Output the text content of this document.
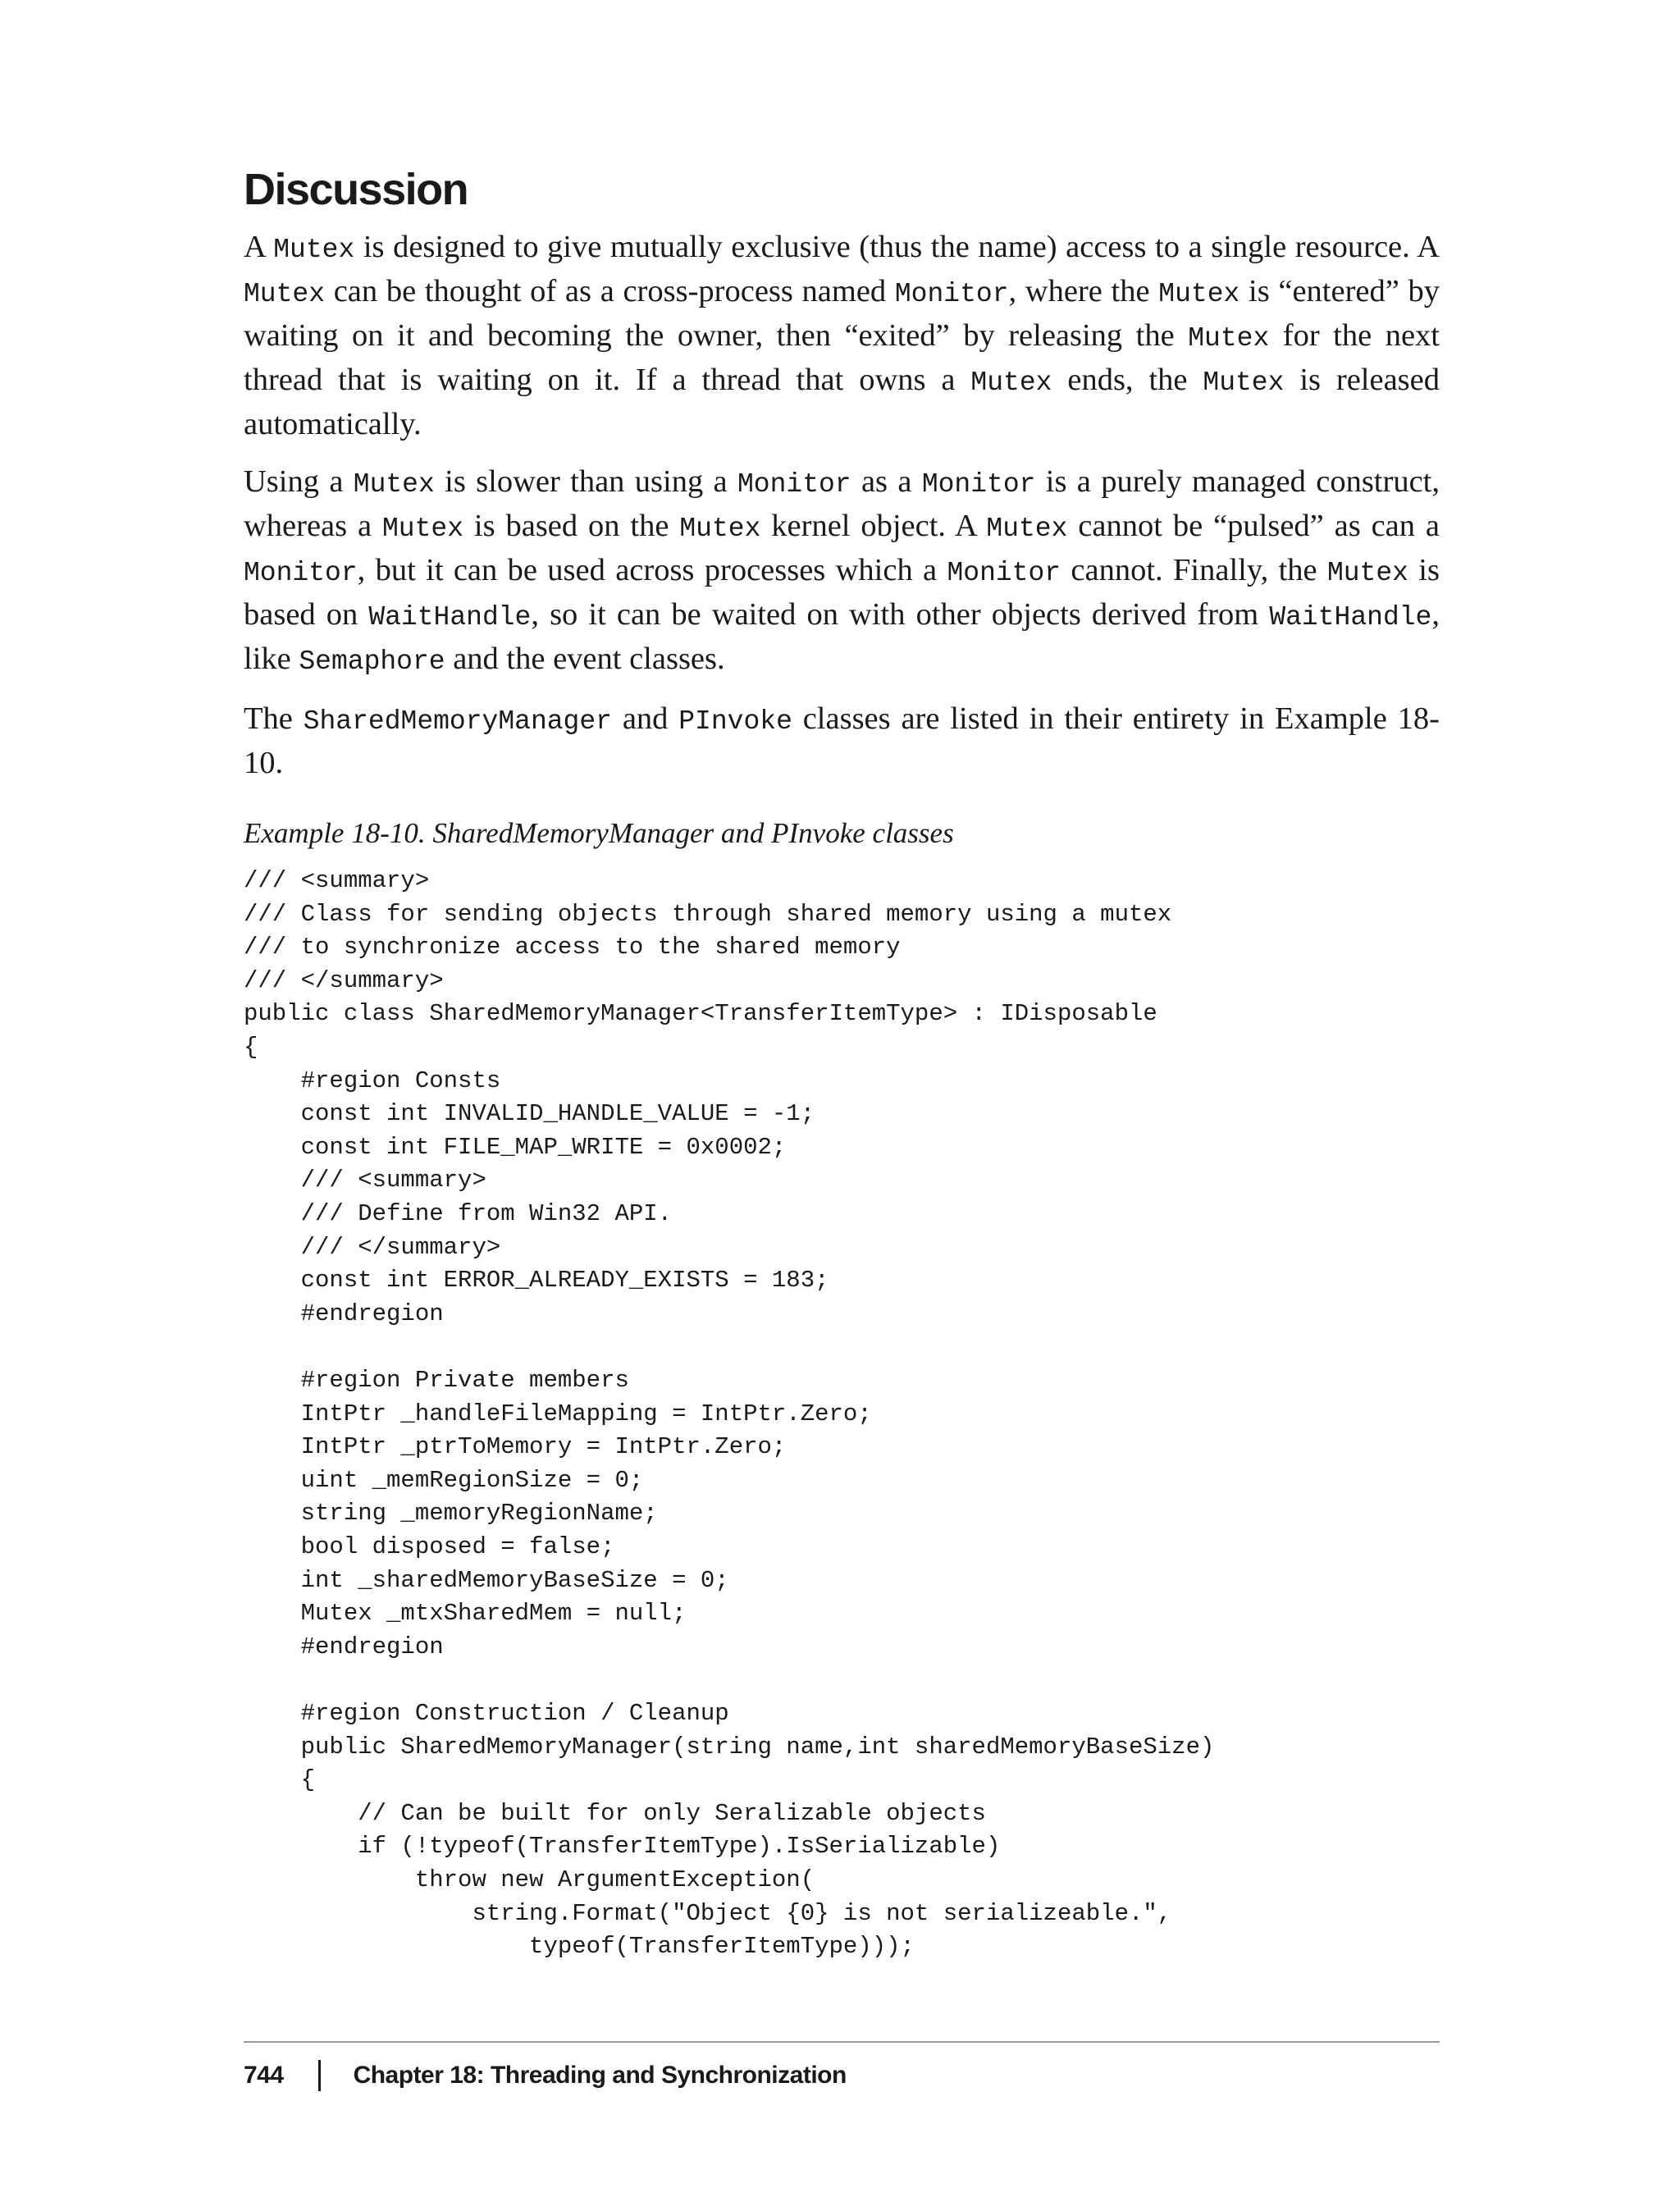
Discussion

A Mutex is designed to give mutually exclusive (thus the name) access to a single resource. A Mutex can be thought of as a cross-process named Monitor, where the Mutex is “entered” by waiting on it and becoming the owner, then “exited” by releasing the Mutex for the next thread that is waiting on it. If a thread that owns a Mutex ends, the Mutex is released automatically.

Using a Mutex is slower than using a Monitor as a Monitor is a purely managed construct, whereas a Mutex is based on the Mutex kernel object. A Mutex cannot be “pulsed” as can a Monitor, but it can be used across processes which a Monitor cannot. Finally, the Mutex is based on WaitHandle, so it can be waited on with other objects derived from WaitHandle, like Semaphore and the event classes.

The SharedMemoryManager and PInvoke classes are listed in their entirety in Example 18-10.

Example 18-10. SharedMemoryManager and PInvoke classes
/// <summary>
/// Class for sending objects through shared memory using a mutex
/// to synchronize access to the shared memory
/// </summary>
public class SharedMemoryManager<TransferItemType> : IDisposable
{
#region Consts
const int INVALID_HANDLE_VALUE = -1;
const int FILE_MAP_WRITE = 0x0002;
/// <summary>
/// Define from Win32 API.
/// </summary>
const int ERROR_ALREADY_EXISTS = 183;
#endregion
#region Private members
IntPtr _handleFileMapping = IntPtr.Zero;
IntPtr _ptrToMemory = IntPtr.Zero;
uint _memRegionSize = 0;
string _memoryRegionName;
bool disposed = false;
int _sharedMemoryBaseSize = 0;
Mutex _mtxSharedMem = null;
#endregion
#region Construction / Cleanup
public SharedMemoryManager(string name,int sharedMemoryBaseSize)
{
// Can be built for only Seralizable objects
if (!typeof(TransferItemType).IsSerializable)
throw new ArgumentException(
string.Format("Object {0} is not serializeable.",
typeof(TransferItemType)));
744	Chapter 18: Threading and Synchronization
